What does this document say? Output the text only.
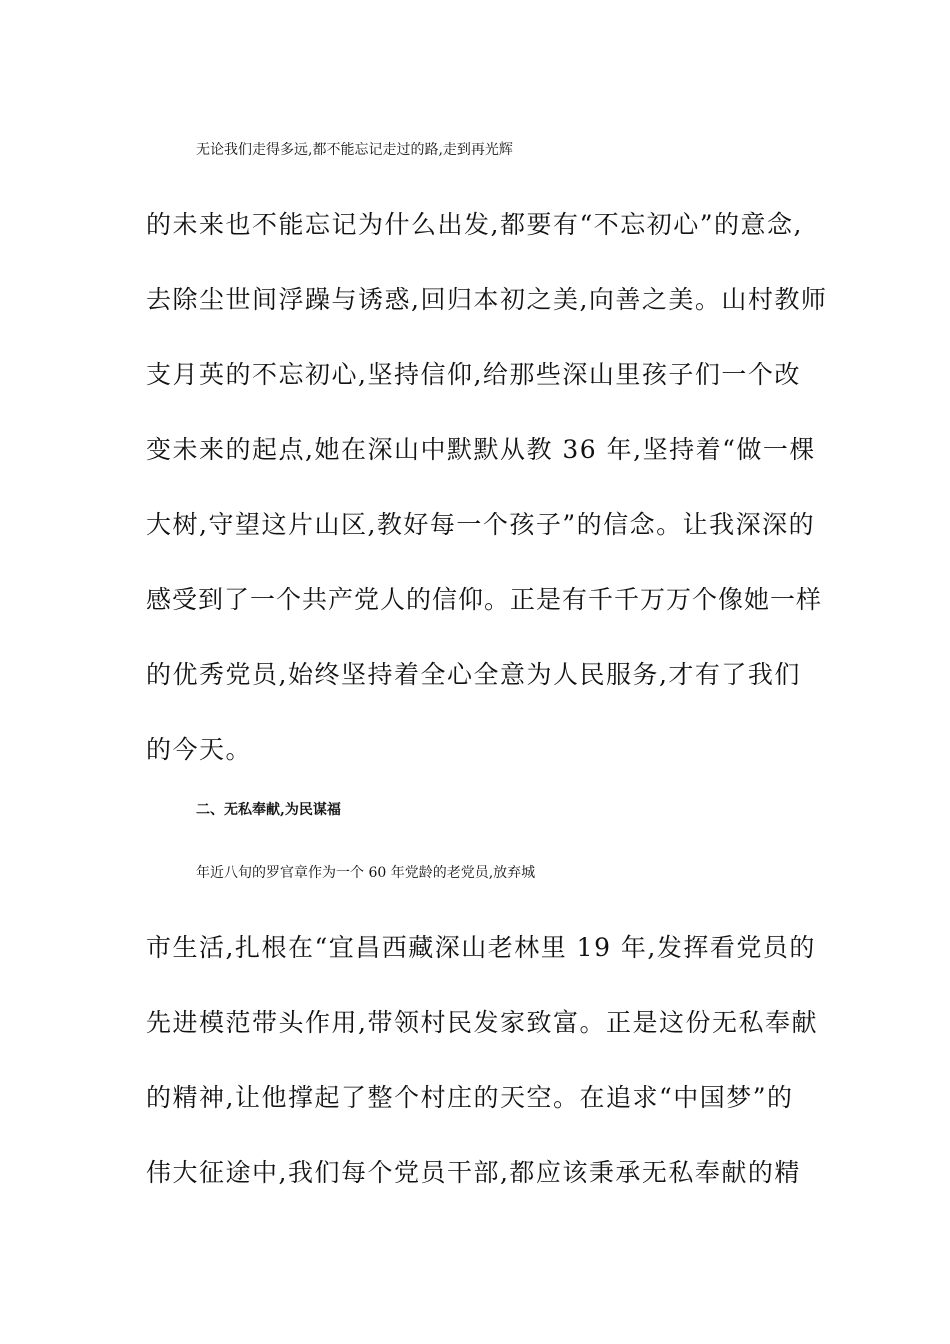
无论我们走得多远,都不能忘记走过的路,走到再光辉
的未来也不能忘记为什么出发,都要有“不忘初心”的意念,
去除尘世间浮躁与诱惑,回归本初之美,向善之美。山村教师
支月英的不忘初心,坚持信仰,给那些深山里孩子们一个改
变未来的起点,她在深山中默默从教 36 年,坚持着“做一棵
大树,守望这片山区,教好每一个孩子”的信念。让我深深的
感受到了一个共产党人的信仰。正是有千千万万个像她一样
的优秀党员,始终坚持着全心全意为人民服务,才有了我们
的今天。
二、无私奉献,为民谋福
年近八旬的罗官章作为一个 60 年党龄的老党员,放弃城
市生活,扎根在“宜昌西藏深山老林里 19 年,发挥看党员的
先进模范带头作用,带领村民发家致富。正是这份无私奉献
的精神,让他撑起了整个村庄的天空。在追求“中国梦”的
伟大征途中,我们每个党员干部,都应该秉承无私奉献的精
